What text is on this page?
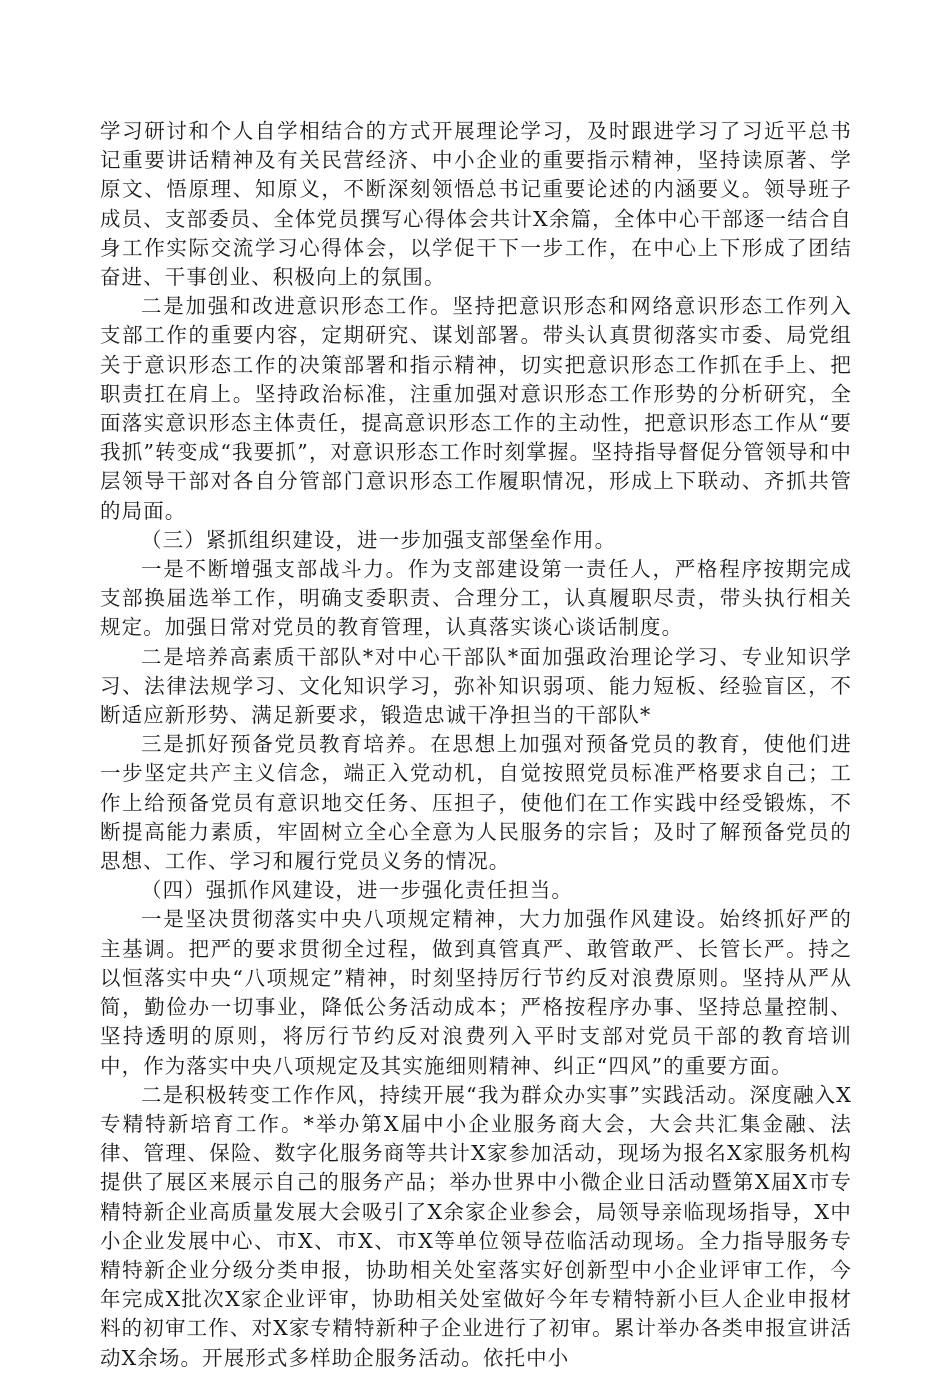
学习研讨和个人自学相结合的方式开展理论学习，及时跟进学习了习近平总书记重要讲话精神及有关民营经济、中小企业的重要指示精神，坚持读原著、学原文、悟原理、知原义，不断深刻领悟总书记重要论述的内涵要义。领导班子成员、支部委员、全体党员撰写心得体会共计X余篇，全体中心干部逐一结合自身工作实际交流学习心得体会，以学促干下一步工作，在中心上下形成了团结奋进、干事创业、积极向上的氛围。

二是加强和改进意识形态工作。坚持把意识形态和网络意识形态工作列入支部工作的重要内容，定期研究、谋划部署。带头认真贯彻落实市委、局党组关于意识形态工作的决策部署和指示精神，切实把意识形态工作抓在手上、把职责扛在肩上。坚持政治标准，注重加强对意识形态工作形势的分析研究，全面落实意识形态主体责任，提高意识形态工作的主动性，把意识形态工作从“要我抓”转变成“我要抓”，对意识形态工作时刻掌握。坚持指导督促分管领导和中层领导干部对各自分管部门意识形态工作履职情况，形成上下联动、齐抓共管的局面。

（三）紧抓组织建设，进一步加强支部堡垒作用。

一是不断增强支部战斗力。作为支部建设第一责任人，严格程序按期完成支部换届选举工作，明确支委职责、合理分工，认真履职尽责，带头执行相关规定。加强日常对党员的教育管理，认真落实谈心谈话制度。

二是培养高素质干部队*对中心干部队*面加强政治理论学习、专业知识学习、法律法规学习、文化知识学习，弥补知识弱项、能力短板、经验盲区，不断适应新形势、满足新要求，锻造忠诚干净担当的干部队*

三是抓好预备党员教育培养。在思想上加强对预备党员的教育，使他们进一步坚定共产主义信念，端正入党动机，自觉按照党员标准严格要求自己；工作上给预备党员有意识地交任务、压担子，使他们在工作实践中经受锻炼，不断提高能力素质，牢固树立全心全意为人民服务的宗旨；及时了解预备党员的思想、工作、学习和履行党员义务的情况。

（四）强抓作风建设，进一步强化责任担当。

一是坚决贯彻落实中央八项规定精神，大力加强作风建设。始终抓好严的主基调。把严的要求贯彻全过程，做到真管真严、敢管敢严、长管长严。持之以恒落实中央“八项规定”精神，时刻坚持厉行节约反对浪费原则。坚持从严从简，勤俭办一切事业，降低公务活动成本；严格按程序办事、坚持总量控制、坚持透明的原则，将厉行节约反对浪费列入平时支部对党员干部的教育培训中，作为落实中央八项规定及其实施细则精神、纠正“四风”的重要方面。

二是积极转变工作作风，持续开展“我为群众办实事”实践活动。深度融入X专精特新培育工作。*举办第X届中小企业服务商大会，大会共汇集金融、法律、管理、保险、数字化服务商等共计X家参加活动，现场为报名X家服务机构提供了展区来展示自己的服务产品；举办世界中小微企业日活动暨第X届X市专精特新企业高质量发展大会吸引了X余家企业参会，局领导亲临现场指导，X中小企业发展中心、市X、市X、市X等单位领导莅临活动现场。全力指导服务专精特新企业分级分类申报，协助相关处室落实好创新型中小企业评审工作，今年完成X批次X家企业评审，协助相关处室做好今年专精特新小巨人企业申报材料的初审工作、对X家专精特新种子企业进行了初审。累计举办各类申报宣讲活动X余场。开展形式多样助企服务活动。依托中小
